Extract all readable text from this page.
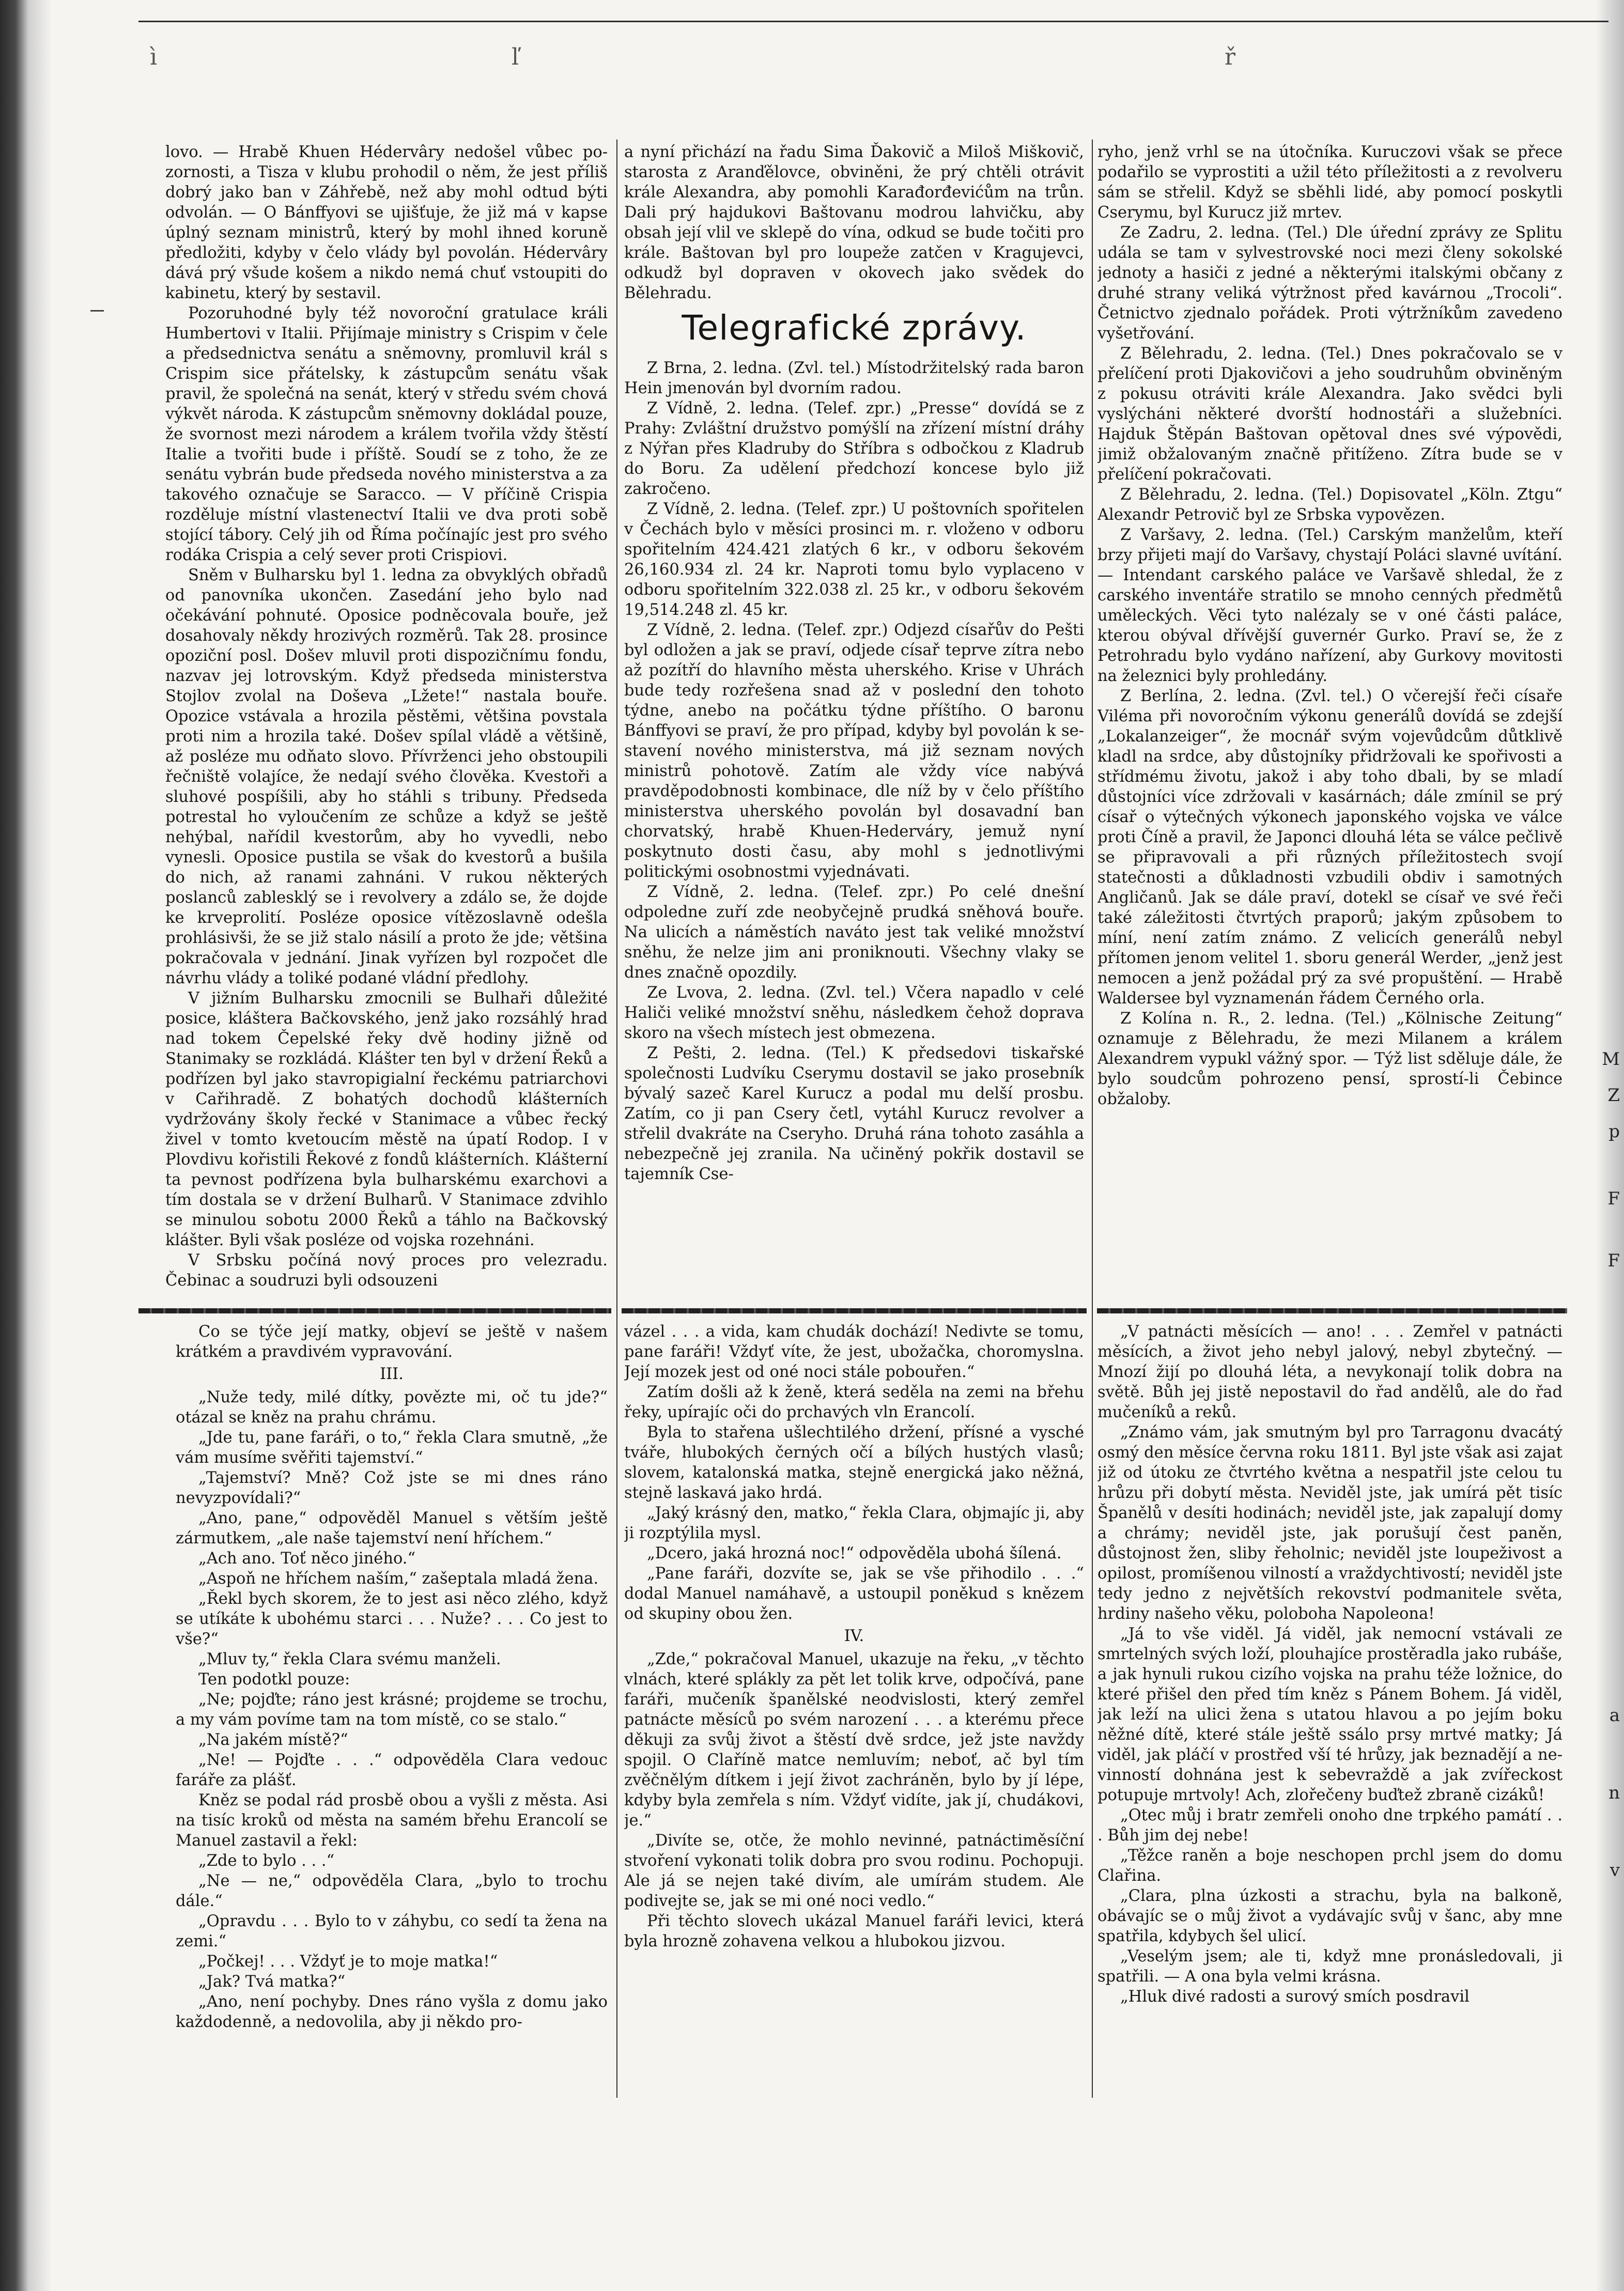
ì	ľ	ř

lovo. — Hrabě Khuen Hédervâry nedošel vůbec pozornosti, a Tisza v klubu prohodil o něm, že jest příliš dobrý jako ban v Záhřebě, než aby mohl odtud býti odvolán. — O Bánffyovi se ujišťuje, že již má v kapse úplný seznam ministrů, který by mohl ihned koruně předložiti, kdyby v čelo vlády byl povolán. Hédervâry dává prý všude košem a nikdo nemá chuť vstoupiti do kabinetu, který by sestavil.

Pozoruhodné byly též novoroční gratulace králi Humbertovi v Italii. Přijímaje ministry s Crispim v čele a předsednictva senátu a sněmovny, promluvil král s Crispim sice přátelsky, k zástupcům senátu však pravil, že společná na senát, který v středu svém chová výkvět národa. K zástupcům sněmovny dokládal pouze, že svornost mezi národem a králem tvořila vždy štěstí Italie a tvořiti bude i příště. Soudí se z toho, že ze senátu vybrán bude předseda nového ministerstva a za takového označuje se Saracco. — V příčině Crispia rozděluje místní vlastenectví Italii ve dva proti sobě stojící tábory. Celý jih od Říma počínajíc jest pro svého rodáka Crispia a celý sever proti Crispiovi.

Sněm v Bulharsku byl 1. ledna za obvyklých obřadů od panovníka ukončen. Zasedání jeho bylo nad očekávání pohnuté. Oposice podněcovala bouře, jež dosahovaly někdy hrozivých rozměrů. Tak 28. prosince opoziční posl. Došev mluvil proti dispozičnímu fondu, nazvav jej lotrovským. Když předseda ministerstva Stojlov zvolal na Doševa „Lžete!“ nastala bouře. Opozice vstávala a hrozila pěstěmi, většina povstala proti nim a hrozila také. Došev spílal vládě a většině, až posléze mu odňato slovo. Přívrženci jeho obstoupili řečniště volajíce, že nedají svého člověka. Kvestoři a sluhové pospíšili, aby ho stáhli s tribuny. Předseda potrestal ho vyloučením ze schůze a když se ještě nehýbal, nařídil kvestorům, aby ho vyvedli, nebo vynesli. Oposice pustila se však do kvestorů a bušila do nich, až ranami zahnáni. V rukou některých poslanců zablesklý se i revolvery a zdálo se, že dojde ke krveprolití. Posléze oposice vítězoslavně odešla prohlásivši, že se již stalo násilí a proto že jde; většina pokračovala v jednání. Jinak vyřízen byl rozpočet dle návrhu vlády a toliké podané vládní předlohy.

V jižním Bulharsku zmocnili se Bulhaři důležité posice, kláštera Bačkovského, jenž jako rozsáhlý hrad nad tokem Čepelské řeky dvě hodiny jižně od Stanimaky se rozkládá. Klášter ten byl v držení Řeků a podřízen byl jako stavropigialní řeckému patriarchovi v Cařihradě. Z bohatých dochodů klášterních vydržovány školy řecké v Stanimace a vůbec řecký živel v tomto kvetoucím městě na úpatí Rodop. I v Plovdivu kořistili Řekové z fondů klášterních. Klášterní ta pevnost podřízena byla bulharskému exarchovi a tím dostala se v držení Bulharů. V Stanimace zdvihlo se minulou sobotu 2000 Řeků a táhlo na Bačkovský klášter. Byli však posléze od vojska rozehnáni.

V Srbsku počíná nový proces pro velezradu. Čebinac a soudruzi byli odsouzeni

a nyní přichází na řadu Sima Ďakovič a Miloš Miškovič, starosta z Aranďělovce, obviněni, že prý chtěli otrávit krále Alexandra, aby pomohli Karađorđevićům na trůn. Dali prý hajdukovi Baštovanu modrou lahvičku, aby obsah její vlil ve sklepě do vína, odkud se bude točiti pro krále. Baštovan byl pro loupeže zatčen v Kragujevci, odkudž byl dopraven v okovech jako svědek do Bělehradu.

Telegrafické zprávy.

Z Brna, 2. ledna. (Zvl. tel.) Místodržitelský rada baron Hein jmenován byl dvorním radou.

Z Vídně, 2. ledna. (Telef. zpr.) „Presse“ dovídá se z Prahy: Zvláštní družstvo pomýšlí na zřízení místní dráhy z Nýřan přes Kladruby do Stříbra s odbočkou z Kladrub do Boru. Za udělení předchozí koncese bylo již zakročeno.

Z Vídně, 2. ledna. (Telef. zpr.) U poštovních spořitelen v Čechách bylo v měsíci prosinci m. r. vloženo v odboru spořitelním 424.421 zlatých 6 kr., v odboru šekovém 26,160.934 zl. 24 kr. Naproti tomu bylo vyplaceno v odboru spořitelním 322.038 zl. 25 kr., v odboru šekovém 19,514.248 zl. 45 kr.

Z Vídně, 2. ledna. (Telef. zpr.) Odjezd císařův do Pešti byl odložen a jak se praví, odjede císař teprve zítra nebo až pozítří do hlavního města uherského. Krise v Uhrách bude tedy rozřešena snad až v poslední den tohoto týdne, anebo na počátku týdne příštího. O baronu Bánffyovi se praví, že pro případ, kdyby byl povolán k sestavení nového ministerstva, má již seznam nových ministrů pohotově. Zatím ale vždy více nabývá pravděpodobnosti kombinace, dle níž by v čelo příštího ministerstva uherského povolán byl dosavadní ban chorvatský, hrabě Khuen-Hederváry, jemuž nyní poskytnuto dosti času, aby mohl s jednotlivými politickými osobnostmi vyjednávati.

Z Vídně, 2. ledna. (Telef. zpr.) Po celé dnešní odpoledne zuří zde neobyčejně prudká sněhová bouře. Na ulicích a náměstích naváto jest tak veliké množství sněhu, že nelze jim ani proniknouti. Všechny vlaky se dnes značně opozdily.

Ze Lvova, 2. ledna. (Zvl. tel.) Včera napadlo v celé Haliči veliké množství sněhu, následkem čehož doprava skoro na všech místech jest obmezena.

Z Pešti, 2. ledna. (Tel.) K předsedovi tiskařské společnosti Ludvíku Cserymu dostavil se jako prosebník bývalý sazeč Karel Kurucz a podal mu delší prosbu. Zatím, co ji pan Csery četl, vytáhl Kurucz revolver a střelil dvakráte na Cseryho. Druhá rána tohoto zasáhla a nebezpečně jej zranila. Na učiněný pokřik dostavil se tajemník Cse-

ryho, jenž vrhl se na útočníka. Kuruczovi však se přece podařilo se vyprostiti a užil této příležitosti a z revolveru sám se střelil. Když se sběhli lidé, aby pomocí poskytli Cserymu, byl Kurucz již mrtev.

Ze Zadru, 2. ledna. (Tel.) Dle úřední zprávy ze Splitu udála se tam v sylvestrovské noci mezi členy sokolské jednoty a hasiči z jedné a některými italskými občany z druhé strany veliká výtržnost před kavárnou „Trocoli“. Četnictvo zjednalo pořádek. Proti výtržníkům zavedeno vyšetřování.

Z Bělehradu, 2. ledna. (Tel.) Dnes pokračovalo se v přelíčení proti Djakovičovi a jeho soudruhům obviněným z pokusu otráviti krále Alexandra. Jako svědci byli vyslýcháni některé dvorští hodnostáři a služebníci. Hajduk Štěpán Baštovan opětoval dnes své výpovědi, jimiž obžalovaným značně přitíženo. Zítra bude se v přelíčení pokračovati.

Z Bělehradu, 2. ledna. (Tel.) Dopisovatel „Köln. Ztgu“ Alexandr Petrovič byl ze Srbska vypovězen.

Z Varšavy, 2. ledna. (Tel.) Carským manželům, kteří brzy přijeti mají do Varšavy, chystají Poláci slavné uvítání. — Intendant carského paláce ve Varšavě shledal, že z carského inventáře stratilo se mnoho cenných předmětů uměleckých. Věci tyto nalézaly se v oné části paláce, kterou obýval dřívější guvernér Gurko. Praví se, že z Petrohradu bylo vydáno nařízení, aby Gurkovy movitosti na železnici byly prohledány.

Z Berlína, 2. ledna. (Zvl. tel.) O včerejší řeči císaře Viléma při novoročním výkonu generálů dovídá se zdejší „Lokalanzeiger“, že mocnář svým vojevůdcům důtklivě kladl na srdce, aby důstojníky přidržovali ke spořivosti a střídmému životu, jakož i aby toho dbali, by se mladí důstojníci více zdržovali v kasárnách; dále zmínil se prý císař o výtečných výkonech japonského vojska ve válce proti Číně a pravil, že Japonci dlouhá léta se válce pečlivě se připravovali a při různých příležitostech svojí statečnosti a důkladnosti vzbudili obdiv i samotných Angličanů. Jak se dále praví, dotekl se císař ve své řeči také záležitosti čtvrtých praporů; jakým způsobem to míní, není zatím známo. Z velicích generálů nebyl přítomen jenom velitel 1. sboru generál Werder, „jenž jest nemocen a jenž požádal prý za své propuštění. — Hrabě Waldersee byl vyznamenán řádem Černého orla.

Z Kolína n. R., 2. ledna. (Tel.) „Kölnische Zeitung“ oznamuje z Bělehradu, že mezi Milanem a králem Alexandrem vypukl vážný spor. — Týž list sděluje dále, že bylo soudcům pohrozeno pensí, sprostí-li Čebince obžaloby.

Co se týče její matky, objeví se ještě v našem krátkém a pravdivém vypravování.

III.

„Nuže tedy, milé dítky, povězte mi, oč tu jde?“ otázal se kněz na prahu chrámu.

„Jde tu, pane faráři, o to,“ řekla Clara smutně, „že vám musíme svěřiti tajemství.“

„Tajemství? Mně? Což jste se mi dnes ráno nevyzpovídali?“

„Ano, pane,“ odpověděl Manuel s větším ještě zármutkem, „ale naše tajemství není hříchem.“

„Ach ano. Toť něco jiného.“

„Aspoň ne hříchem naším,“ zašeptala mladá žena.

„Řekl bych skorem, že to jest asi něco zlého, když se utíkáte k ubohému starci . . . Nuže? . . . Co jest to vše?“

„Mluv ty,“ řekla Clara svému manželi.

Ten podotkl pouze:

„Ne; pojďte; ráno jest krásné; projdeme se trochu, a my vám povíme tam na tom místě, co se stalo.“

„Na jakém místě?“

„Ne! — Pojďte . . .“ odpověděla Clara vedouc faráře za plášť.

Kněz se podal rád prosbě obou a vyšli z města. Asi na tisíc kroků od města na samém břehu Erancolí se Manuel zastavil a řekl:

„Zde to bylo . . .“

„Ne — ne,“ odpověděla Clara, „bylo to trochu dále.“

„Opravdu . . . Bylo to v záhybu, co sedí ta žena na zemi.“

„Počkej! . . . Vždyť je to moje matka!“

„Jak? Tvá matka?“

„Ano, není pochyby. Dnes ráno vyšla z domu jako každodenně, a nedovolila, aby ji někdo pro-

vázel . . . a vida, kam chudák dochází! Nedivte se tomu, pane faráři! Vždyť víte, že jest, ubožačka, choromyslna. Její mozek jest od oné noci stále pobouřen.“

Zatím došli až k ženě, která seděla na zemi na břehu řeky, upírajíc oči do prchavých vln Erancolí.

Byla to stařena ušlechtilého držení, přísné a vysché tváře, hlubokých černých očí a bílých hustých vlasů; slovem, katalonská matka, stejně energická jako něžná, stejně laskavá jako hrdá.

„Jaký krásný den, matko,“ řekla Clara, objmajíc ji, aby ji rozptýlila mysl.

„Dcero, jaká hrozná noc!“ odpověděla ubohá šílená.

„Pane faráři, dozvíte se, jak se vše přihodilo . . .“ dodal Manuel namáhavě, a ustoupil poněkud s knězem od skupiny obou žen.

IV.

„Zde,“ pokračoval Manuel, ukazuje na řeku, „v těchto vlnách, které splákly za pět let tolik krve, odpočívá, pane faráři, mučeník španělské neodvislosti, který zemřel patnácte měsíců po svém narození . . . a kterému přece děkuji za svůj život a štěstí dvě srdce, jež jste navždy spojil. O Claříně matce nemluvím; neboť, ač byl tím zvěčnělým dítkem i její život zachráněn, bylo by jí lépe, kdyby byla zemřela s ním. Vždyť vidíte, jak jí, chudákovi, je.“

„Divíte se, otče, že mohlo nevinné, patnáctiměsíční stvoření vykonati tolik dobra pro svou rodinu. Pochopuji. Ale já se nejen také divím, ale umírám studem. Ale podivejte se, jak se mi oné noci vedlo.“

Při těchto slovech ukázal Manuel faráři levici, která byla hrozně zohavena velkou a hlubokou jizvou.

„V patnácti měsících — ano! . . . Zemřel v patnácti měsících, a život jeho nebyl jalový, nebyl zbytečný. — Mnozí žijí po dlouhá léta, a nevykonají tolik dobra na světě. Bůh jej jistě nepostavil do řad andělů, ale do řad mučeníků a reků.

„Známo vám, jak smutným byl pro Tarragonu dvacátý osmý den měsíce června roku 1811. Byl jste však asi zajat již od útoku ze čtvrtého května a nespatřil jste celou tu hrůzu při dobytí města. Neviděl jste, jak umírá pět tisíc Španělů v desíti hodinách; neviděl jste, jak zapalují domy a chrámy; neviděl jste, jak porušují čest paněn, důstojnost žen, sliby řeholnic; neviděl jste loupeživost a opilost, promíšenou vilností a vraždychtivostí; neviděl jste tedy jedno z největších rekovství podmanitele světa, hrdiny našeho věku, poloboha Napoleona!

„Já to vše viděl. Já viděl, jak nemocní vstávali ze smrtelných svých loží, plouhajíce prostěradla jako rubáše, a jak hynuli rukou cizího vojska na prahu téže ložnice, do které přišel den před tím kněz s Pánem Bohem. Já viděl, jak leží na ulici žena s utatou hlavou a po jejím boku něžné dítě, které stále ještě ssálo prsy mrtvé matky; Já viděl, jak pláčí v prostřed vší té hrůzy, jak beznadějí a nevinností dohnána jest k sebevraždě a jak zvířeckost potupuje mrtvoly! Ach, zlořečeny buďtež zbraně cizáků!

„Otec můj i bratr zemřeli onoho dne trpkého památí . . . Bůh jim dej nebe!

„Těžce raněn a boje neschopen prchl jsem do domu Clařina.

„Clara, plna úzkosti a strachu, byla na balkoně, obávajíc se o můj život a vydávajíc svůj v šanc, aby mne spatřila, kdybych šel ulicí.

„Veselým jsem; ale ti, když mne pronásledovali, ji spatřili. — A ona byla velmi krásna.

„Hluk divé radosti a surový smích posdravil

M
Z
p
F
F
a
n
v
